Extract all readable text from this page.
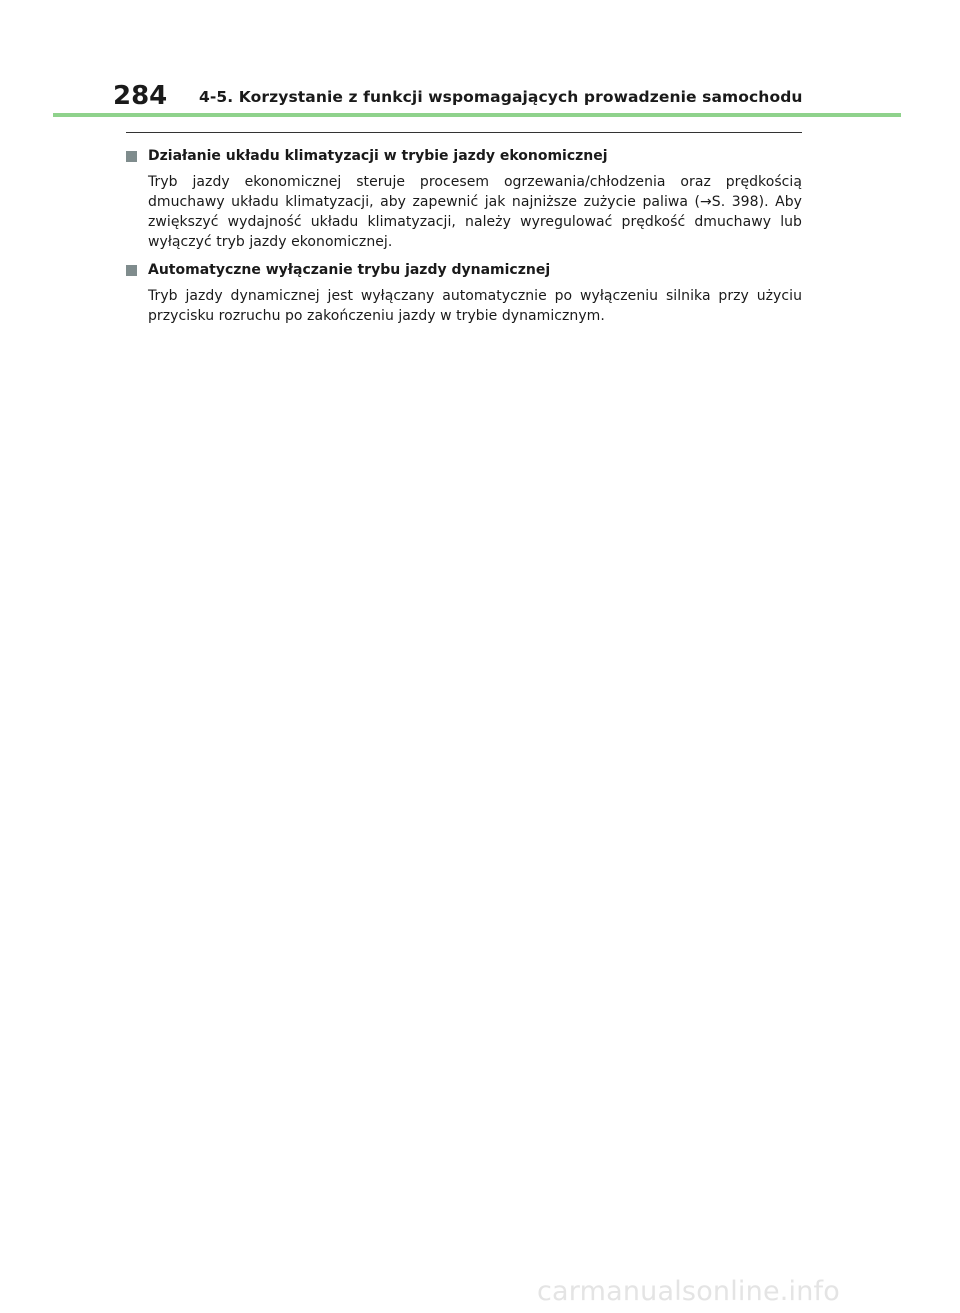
284 4-5. Korzystanie z funkcji wspomagających prowadzenie samochodu
Działanie układu klimatyzacji w trybie jazdy ekonomicznej
Tryb jazdy ekonomicznej steruje procesem ogrzewania/chłodzenia oraz prędkością dmuchawy układu klimatyzacji, aby zapewnić jak najniższe zużycie paliwa (→S. 398). Aby zwiększyć wydajność układu klimatyzacji, należy wyregulować prędkość dmuchawy lub wyłączyć tryb jazdy ekonomicznej.
Automatyczne wyłączanie trybu jazdy dynamicznej
Tryb jazdy dynamicznej jest wyłączany automatycznie po wyłączeniu silnika przy użyciu przycisku rozruchu po zakończeniu jazdy w trybie dynamicznym.
carmanualsonline.info
